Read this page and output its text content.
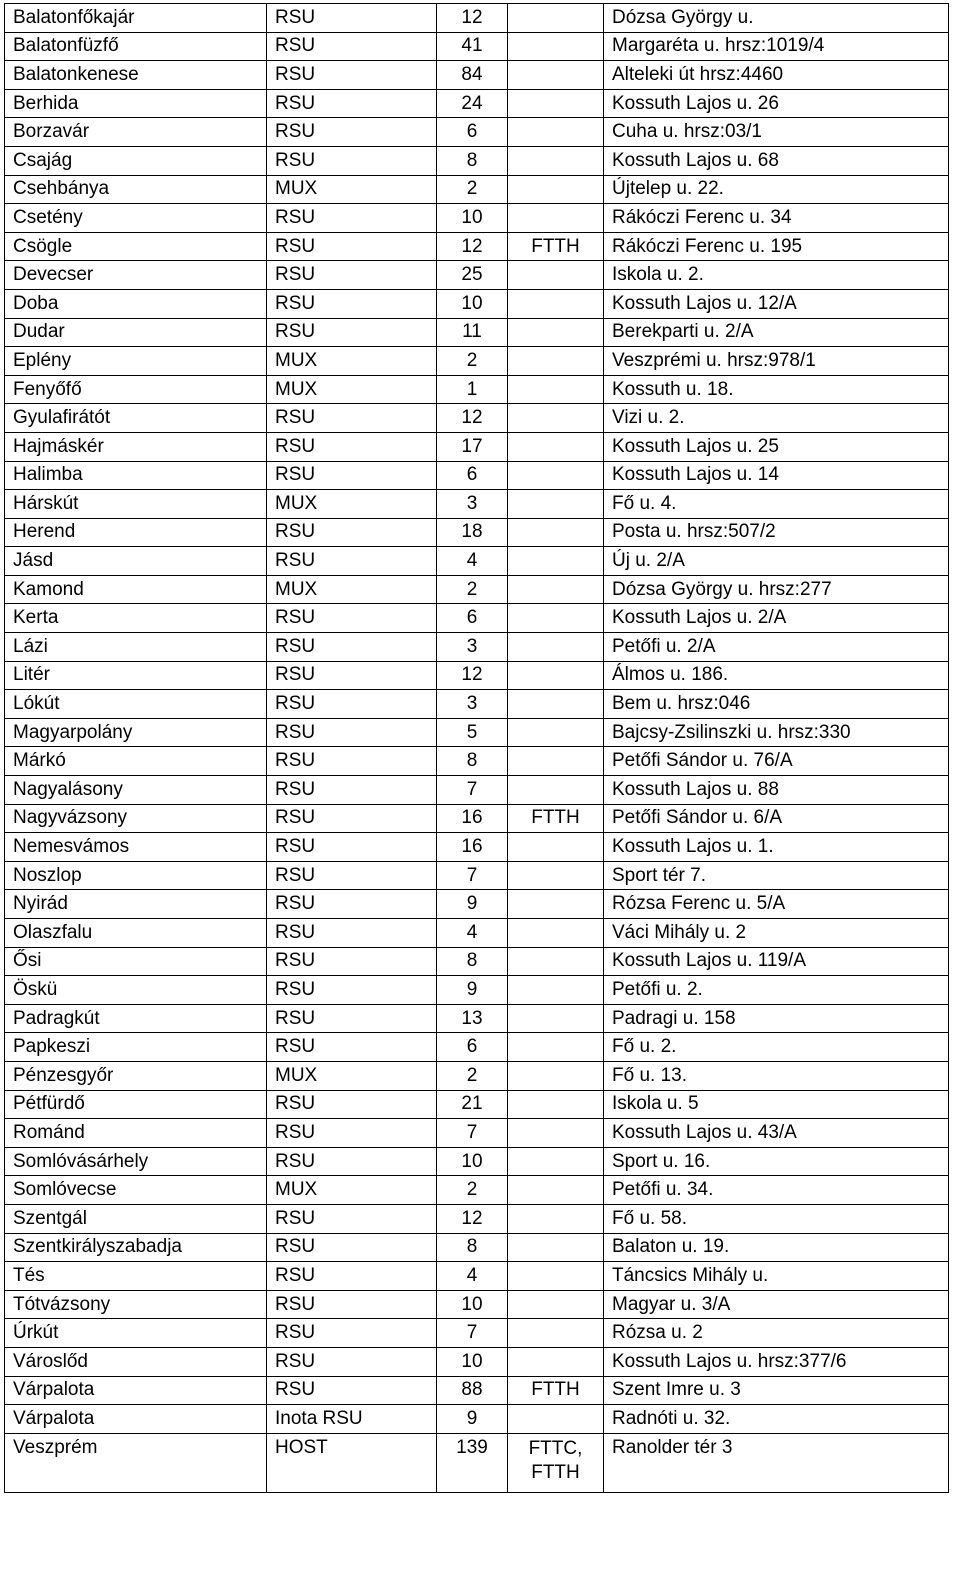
Balatonfőkajár	RSU	12		Dózsa György u.
Balatonfüzfő	RSU	41		Margaréta u. hrsz:1019/4
Balatonkenese	RSU	84		Alteleki út hrsz:4460
Berhida	RSU	24		Kossuth Lajos u. 26
Borzavár	RSU	6		Cuha u. hrsz:03/1
Csajág	RSU	8		Kossuth Lajos u. 68
Csehbánya	MUX	2		Újtelep u. 22.
Csetény	RSU	10		Rákóczi Ferenc u. 34
Csögle	RSU	12	FTTH	Rákóczi Ferenc u. 195
Devecser	RSU	25		Iskola u. 2.
Doba	RSU	10		Kossuth Lajos u. 12/A
Dudar	RSU	11		Berekparti u. 2/A
Eplény	MUX	2		Veszprémi u. hrsz:978/1
Fenyőfő	MUX	1		Kossuth u. 18.
Gyulafirátót	RSU	12		Vizi u. 2.
Hajmáskér	RSU	17		Kossuth Lajos u. 25
Halimba	RSU	6		Kossuth Lajos u. 14
Hárskút	MUX	3		Fő u. 4.
Herend	RSU	18		Posta u. hrsz:507/2
Jásd	RSU	4		Új u. 2/A
Kamond	MUX	2		Dózsa György u. hrsz:277
Kerta	RSU	6		Kossuth Lajos u. 2/A
Lázi	RSU	3		Petőfi u. 2/A
Litér	RSU	12		Álmos u. 186.
Lókút	RSU	3		Bem u. hrsz:046
Magyarpolány	RSU	5		Bajcsy-Zsilinszki u. hrsz:330
Márkó	RSU	8		Petőfi Sándor u. 76/A
Nagyalásony	RSU	7		Kossuth Lajos u. 88
Nagyvázsony	RSU	16	FTTH	Petőfi Sándor u. 6/A
Nemesvámos	RSU	16		Kossuth Lajos u. 1.
Noszlop	RSU	7		Sport tér 7.
Nyirád	RSU	9		Rózsa Ferenc u. 5/A
Olaszfalu	RSU	4		Váci Mihály u. 2
Ősi	RSU	8		Kossuth Lajos u. 119/A
Öskü	RSU	9		Petőfi u. 2.
Padragkút	RSU	13		Padragi u. 158
Papkeszi	RSU	6		Fő u. 2.
Pénzesgyőr	MUX	2		Fő u. 13.
Pétfürdő	RSU	21		Iskola u. 5
Románd	RSU	7		Kossuth Lajos u. 43/A
Somlóvásárhely	RSU	10		Sport u. 16.
Somlóvecse	MUX	2		Petőfi u. 34.
Szentgál	RSU	12		Fő u. 58.
Szentkirályszabadja	RSU	8		Balaton u. 19.
Tés	RSU	4		Táncsics Mihály u.
Tótvázsony	RSU	10		Magyar u. 3/A
Úrkút	RSU	7		Rózsa u. 2
Városlőd	RSU	10		Kossuth Lajos u. hrsz:377/6
Várpalota	RSU	88	FTTH	Szent Imre u. 3
Várpalota	Inota RSU	9		Radnóti u. 32.
Veszprém	HOST	139	FTTC, FTTH	Ranolder tér 3
